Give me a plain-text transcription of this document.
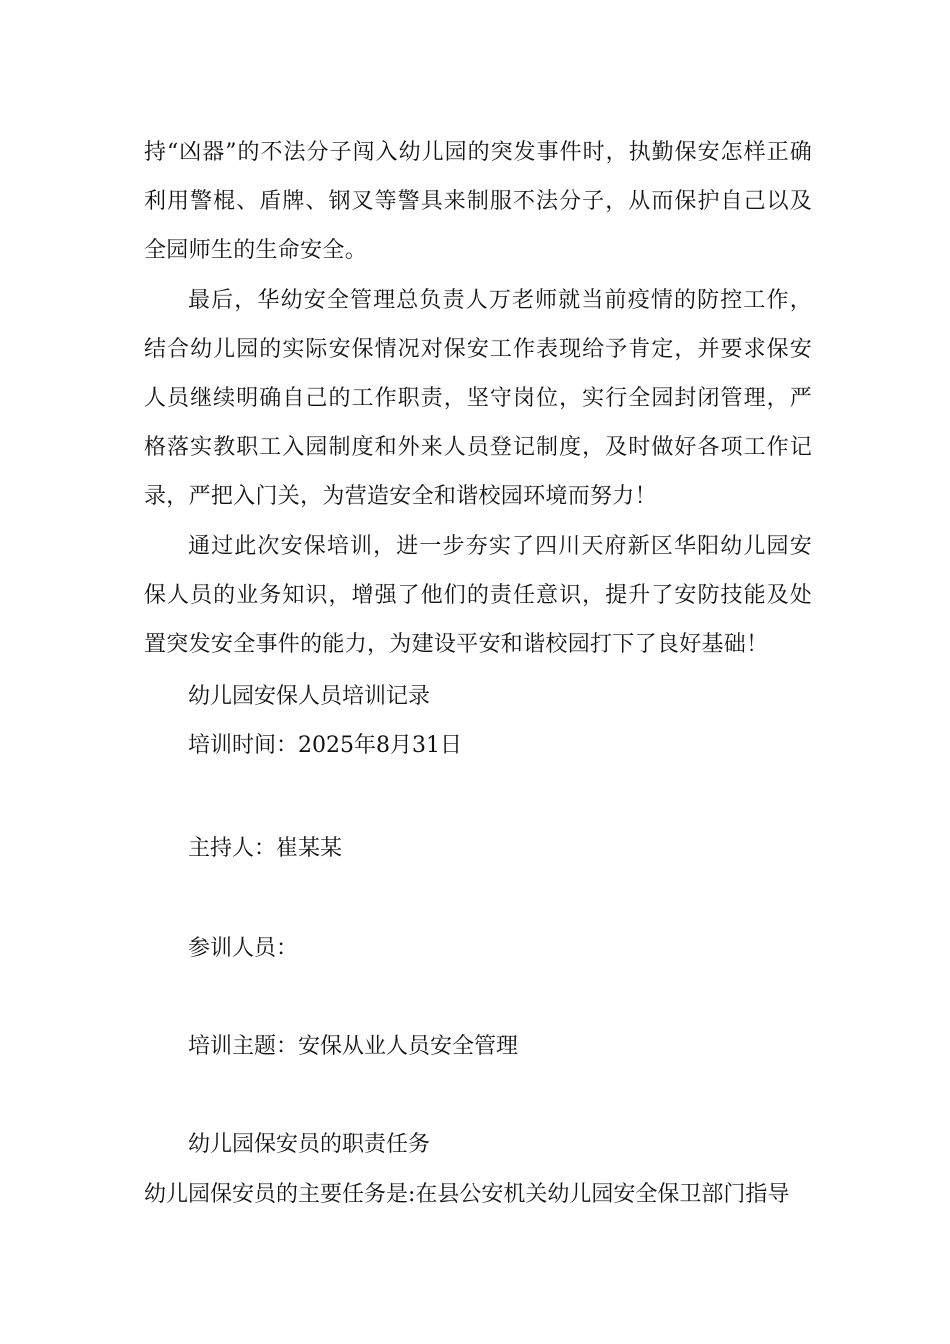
持“凶器”的不法分子闯入幼儿园的突发事件时，执勤保安怎样正确利用警棍、盾牌、钢叉等警具来制服不法分子，从而保护自己以及全园师生的生命安全。

最后，华幼安全管理总负责人万老师就当前疫情的防控工作，结合幼儿园的实际安保情况对保安工作表现给予肯定，并要求保安人员继续明确自己的工作职责，坚守岗位，实行全园封闭管理，严格落实教职工入园制度和外来人员登记制度，及时做好各项工作记录，严把入门关，为营造安全和谐校园环境而努力！

通过此次安保培训，进一步夯实了四川天府新区华阳幼儿园安保人员的业务知识，增强了他们的责任意识，提升了安防技能及处置突发安全事件的能力，为建设平安和谐校园打下了良好基础！

幼儿园安保人员培训记录
培训时间：2025年8月31日
主持人：崔某某
参训人员：
培训主题：安保从业人员安全管理
幼儿园保安员的职责任务
幼儿园保安员的主要任务是:在县公安机关幼儿园安全保卫部门指导
